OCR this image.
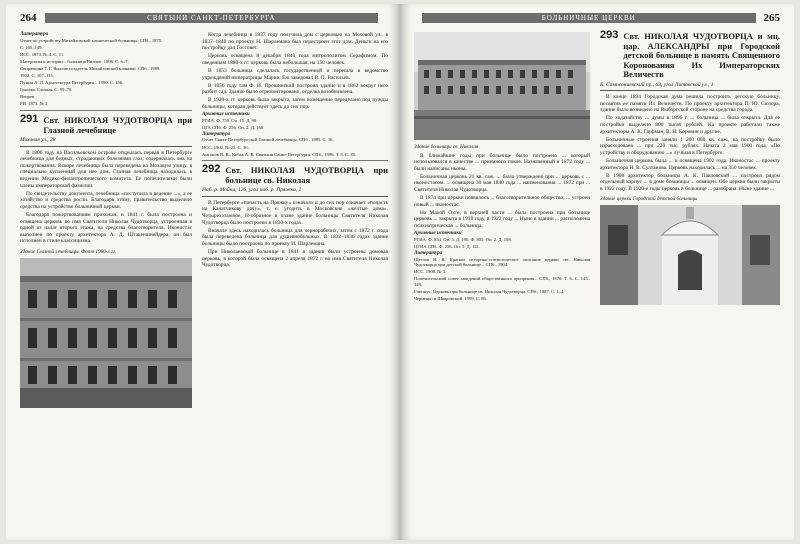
264	СВЯТЫНИ САНКТ-ПЕТЕРБУРГА
Литература

Отчет по устройству Михайловской клинической больницы. СПб., 1875.

С. 105–149.

ИСС. 1873. № 4. С. 11.

Материалы к истории... больница Виллие. 1896. С. 6–7.

Свирачкина Г. Г. Виллие создатель Михайловской клиники. СПб., 1989.

1902. С. 107–115.

Пунин А. Л. Архитектура Петербурга... 1990. С. 156.

Грязева. Глазная. С. 99–70.

Вепрев

РИ. 1873. № 2

291 Свт. НИКОЛАЯ ЧУДОТВОРЦА при Глазной лечебнице
Моховая ул., 38

В 1806 году на Васильевском острове открылась первая в Петербурге лечебница для бедных, страдающих болезнями глаз; содержалась она на пожертвования. Вскоре лечебница была переведена на Моховую улицу, в специально купленный для нее дом. Глазная лечебница находилась в ведении Медико-филантропического комитета. Ее попечителями были члены императорской фамилии.

По свидетельству документа, лечебница «поступила в ведение ...», а ее хозяйство и средства росли. Благодаря этому, правительство выделило средства на устройство больничной церкви.

Благодаря пожертвованиям прихожан, в 1841 г. была построена и освящена церковь во имя Святителя Николая Чудотворца, устроенная в одной из палат второго этажа, на средства благотворителя. Иконостас выполнен по проекту архитектора А. Д. Штакеншнейдера, он был исполнен в стиле классицизма.

Здание Глазной лечебницы. Фото 1980-х гг.

Когда лечебница в 1837 году получила дом с церковью на Моховой ул., в 1837–1840 по проекту Н. Шарлемана был перестроен этот дом. Деньги на его постройку дал Госсовет.

Церковь освящена 8 декабря 1840 года митрополитом Серафимом. По сведениям 1880-х гг. церковь была небольшая, на 150 человек.

В 1853 больница сделалась государственной и перешла в ведомство учреждений императрицы Марии. Ею заведовал В. П. Васильев.

В 1856 году там Ф. И. Прошинский построил здание и в 1862 вокруг него разбит сад. Здание было отремонтировано, отделка возобновлена.

В 1920-х гг. церковь была закрыта, затем помещение переделано под нужды больницы, которая действует здесь до сих пор.

Архивные источники

РГИА. Ф. 759. Оп. 15. Д. 90.

ЦГА СПб. Ф. 256. Оп. 2. Д. 168.

Литература

Отчет Санкт-Петербургской Глазной лечебницы. СПб., 1885. С. 16.

ИСС. 1902. № 23. С. 36.

Антонов В. В., Кобак А. В. Святыни Санкт-Петербурга. СПб., 1996. Т. 3. С. 85.

292 Свт. НИКОЛАЯ ЧУДОТВОРЦА при больнице св. Николая
Наб. р. Мойки, 126, угол наб. р. Пряжки, 1

В Петербурге «попасть на Пряжку» означало и до сих пор означает «попасть на Канатчикову дачу», т. е. угодить в Московские «желтые дома». Четырехэтажное, Н-образное в плане здание больницы Святителя Николая Чудотворца было построено в 1830-х годах.

Вначале здесь находилась больница для чернорабочих, затем с 1872 г. сюда была переведена больница для душевнобольных. В 1832–1836 годах здание больницы было построено по проекту И. Шарлемана.

При Николаевской больнице в 1841 в здании были устроены домовая церковь, в которой была освящена 2 апреля 1872 г. во имя Святителя Николая Чудотворца.

БОЛЬНИЧНЫЕ ЦЕРКВИ	265
Здание больницы св. Николая

В ближайшие годы при больнице было построено ... который использовался в качестве ... приемного покоя. Назначенный в 1872 году ... были написаны иконы.

Больничная церковь 21 кв. саж. ... было утверждено при ... церковь с ... иконостасом. ... освящена 30 мая 1840 года ... наименования ... 1872 при ... Святителя Николая Чудотворца.

В 1874 при церкви появилось ... благотворительное общество, ... устроен новый ... иконостас.

На Малой Охте, в верхней части ... была построена при больнице церковь ... закрыта в 1918 году, в 1922 году ... Ныне в здании ... расположена психиатрическая ... больница.

Архивные источники

РГИА. Ф. 834. Оп. 3. Д. 190. Ф. 805. Оп. 2. Д. 198.

ЦГИА СПб. Ф. 256. Оп. 5. Д. 121.

Литература

Щеглов В. В. Краткое историко-статистическое описание церкви свт. Николая Чудотворца при детской больнице... СПб., 1904.

ИСС. 1908. № 3.

Попечительский совет заведений общественного призрения... СПб., 1878. Т. 6. С. 145–149.

Гиппиус. Церковь при больнице св. Николая Чудотворца. СПб., 1887. С. 1–4.

Черненко и Шкаровский. 1999. С. 86.

293 Свт. НИКОЛАЯ ЧУДОТВОРЦА и мц. цар. АЛЕКСАНДРЫ при Городской детской больнице в память Священного Коронования Их Императорских Величеств
Б. Сампсониевский пр., 63, угол Литовской ул., 1

В конце 1894 Городская дума решила построить детскую больницу, посвятив ее памяти Их Величеств. По проекту архитектора П. Ю. Сюзора, здание было возведено на Выборгской стороне на средства города.

По ходатайству ... думы в 1896 г. ... больница ... была открыта. Для ее постройки выделено 800 тысяч рублей. На проекте работали также архитекторы А. К. Гауфман, В. Н. Коровин и другие.

Больничные строения заняли 1 200 000 кв. саж., на постройку было израсходовано ... при 220 тыс. рублях. Начата 2 мая 1900 года, «По устройству и оборудованию ...» лучшая в Петербурге.

Больничная церковь была ... и освящена 1902 года. Иконостас ... проекту архитектора Н. В. Султанова. Церковь находилась ... на 350 человек.

В 1908 архитектор больницы А. К. Павловский ... построил рядом отдельный корпус ... в доме больницы ... освящен. Обе церкви были закрыты в 1922 году. В 1920-е годы церковь в больнице ... разобрана. Ныне здание ...

Здание церкви Городской детской больницы
